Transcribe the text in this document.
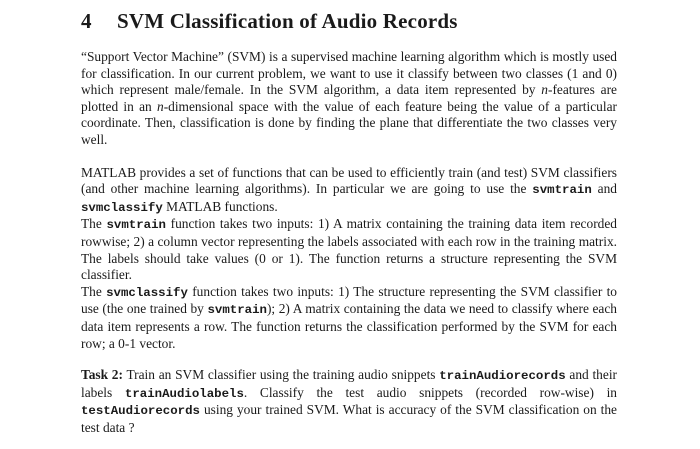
4 SVM Classification of Audio Records

“Support Vector Machine” (SVM) is a supervised machine learning algorithm which is mostly used for classification. In our current problem, we want to use it classify between two classes (1 and 0) which represent male/female. In the SVM algorithm, a data item represented by n-features are plotted in an n-dimensional space with the value of each feature being the value of a particular coordinate. Then, classification is done by finding the plane that differentiate the two classes very well.

MATLAB provides a set of functions that can be used to efficiently train (and test) SVM classifiers (and other machine learning algorithms). In particular we are going to use the svmtrain and svmclassify MATLAB functions.

The svmtrain function takes two inputs: 1) A matrix containing the training data item recorded rowwise; 2) a column vector representing the labels associated with each row in the training matrix. The labels should take values (0 or 1). The function returns a structure representing the SVM classifier.

The svmclassify function takes two inputs: 1) The structure representing the SVM classifier to use (the one trained by svmtrain); 2) A matrix containing the data we need to classify where each data item represents a row. The function returns the classification performed by the SVM for each row; a 0-1 vector.

Task 2: Train an SVM classifier using the training audio snippets trainAudiorecords and their labels trainAudiolabels. Classify the test audio snippets (recorded row-wise) in testAudiorecords using your trained SVM. What is accuracy of the SVM classification on the test data ?
